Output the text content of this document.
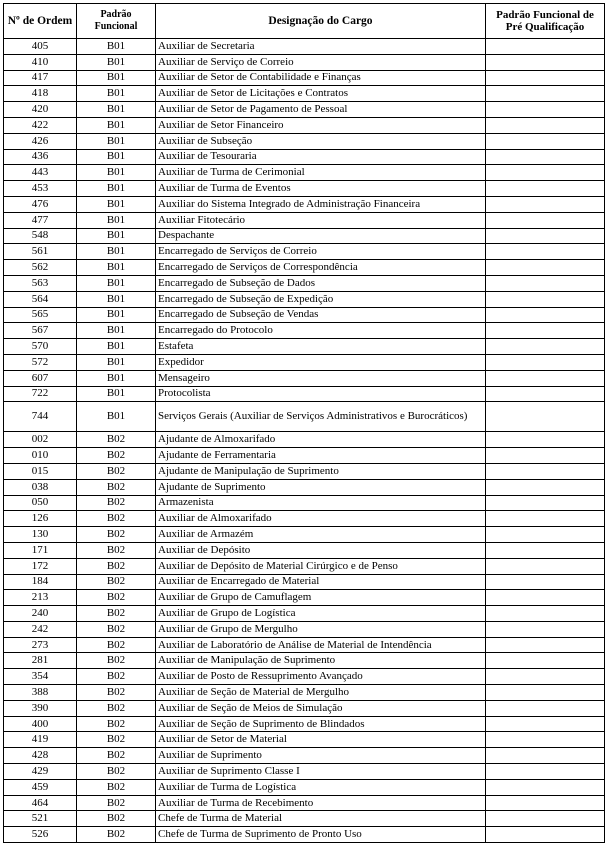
Nº de Ordem	Padrão Funcional	Designação do Cargo	Padrão Funcional de Pré Qualificação
405	B01	Auxiliar de Secretaria	
410	B01	Auxiliar de Serviço de Correio	
417	B01	Auxiliar de Setor de Contabilidade e Finanças	
418	B01	Auxiliar de Setor de Licitações e Contratos	
420	B01	Auxiliar de Setor de Pagamento de Pessoal	
422	B01	Auxiliar de Setor Financeiro	
426	B01	Auxiliar de Subseção	
436	B01	Auxiliar de Tesouraria	
443	B01	Auxiliar de Turma de Cerimonial	
453	B01	Auxiliar de Turma de Eventos	
476	B01	Auxiliar do Sistema Integrado de Administração Financeira	
477	B01	Auxiliar Fitotecário	
548	B01	Despachante	
561	B01	Encarregado de Serviços de Correio	
562	B01	Encarregado de Serviços de Correspondência	
563	B01	Encarregado de Subseção de Dados	
564	B01	Encarregado de Subseção de Expedição	
565	B01	Encarregado de Subseção de Vendas	
567	B01	Encarregado do Protocolo	
570	B01	Estafeta	
572	B01	Expedidor	
607	B01	Mensageiro	
722	B01	Protocolista	
744	B01	Serviços Gerais (Auxiliar de Serviços Administrativos e Burocráticos)	
002	B02	Ajudante de Almoxarifado	
010	B02	Ajudante de Ferramentaria	
015	B02	Ajudante de Manipulação de Suprimento	
038	B02	Ajudante de Suprimento	
050	B02	Armazenista	
126	B02	Auxiliar de Almoxarifado	
130	B02	Auxiliar de Armazém	
171	B02	Auxiliar de Depósito	
172	B02	Auxiliar de Depósito de Material Cirúrgico e de Penso	
184	B02	Auxiliar de Encarregado de Material	
213	B02	Auxiliar de Grupo de Camuflagem	
240	B02	Auxiliar de Grupo de Logística	
242	B02	Auxiliar de Grupo de Mergulho	
273	B02	Auxiliar de Laboratório de Análise de Material de Intendência	
281	B02	Auxiliar de Manipulação de Suprimento	
354	B02	Auxiliar de Posto de Ressuprimento Avançado	
388	B02	Auxiliar de Seção de Material de Mergulho	
390	B02	Auxiliar de Seção de Meios de Simulação	
400	B02	Auxiliar de Seção de Suprimento de Blindados	
419	B02	Auxiliar de Setor de Material	
428	B02	Auxiliar de Suprimento	
429	B02	Auxiliar de Suprimento Classe I	
459	B02	Auxiliar de Turma de Logística	
464	B02	Auxiliar de Turma de Recebimento	
521	B02	Chefe de Turma de Material	
526	B02	Chefe de Turma de Suprimento de Pronto Uso	
